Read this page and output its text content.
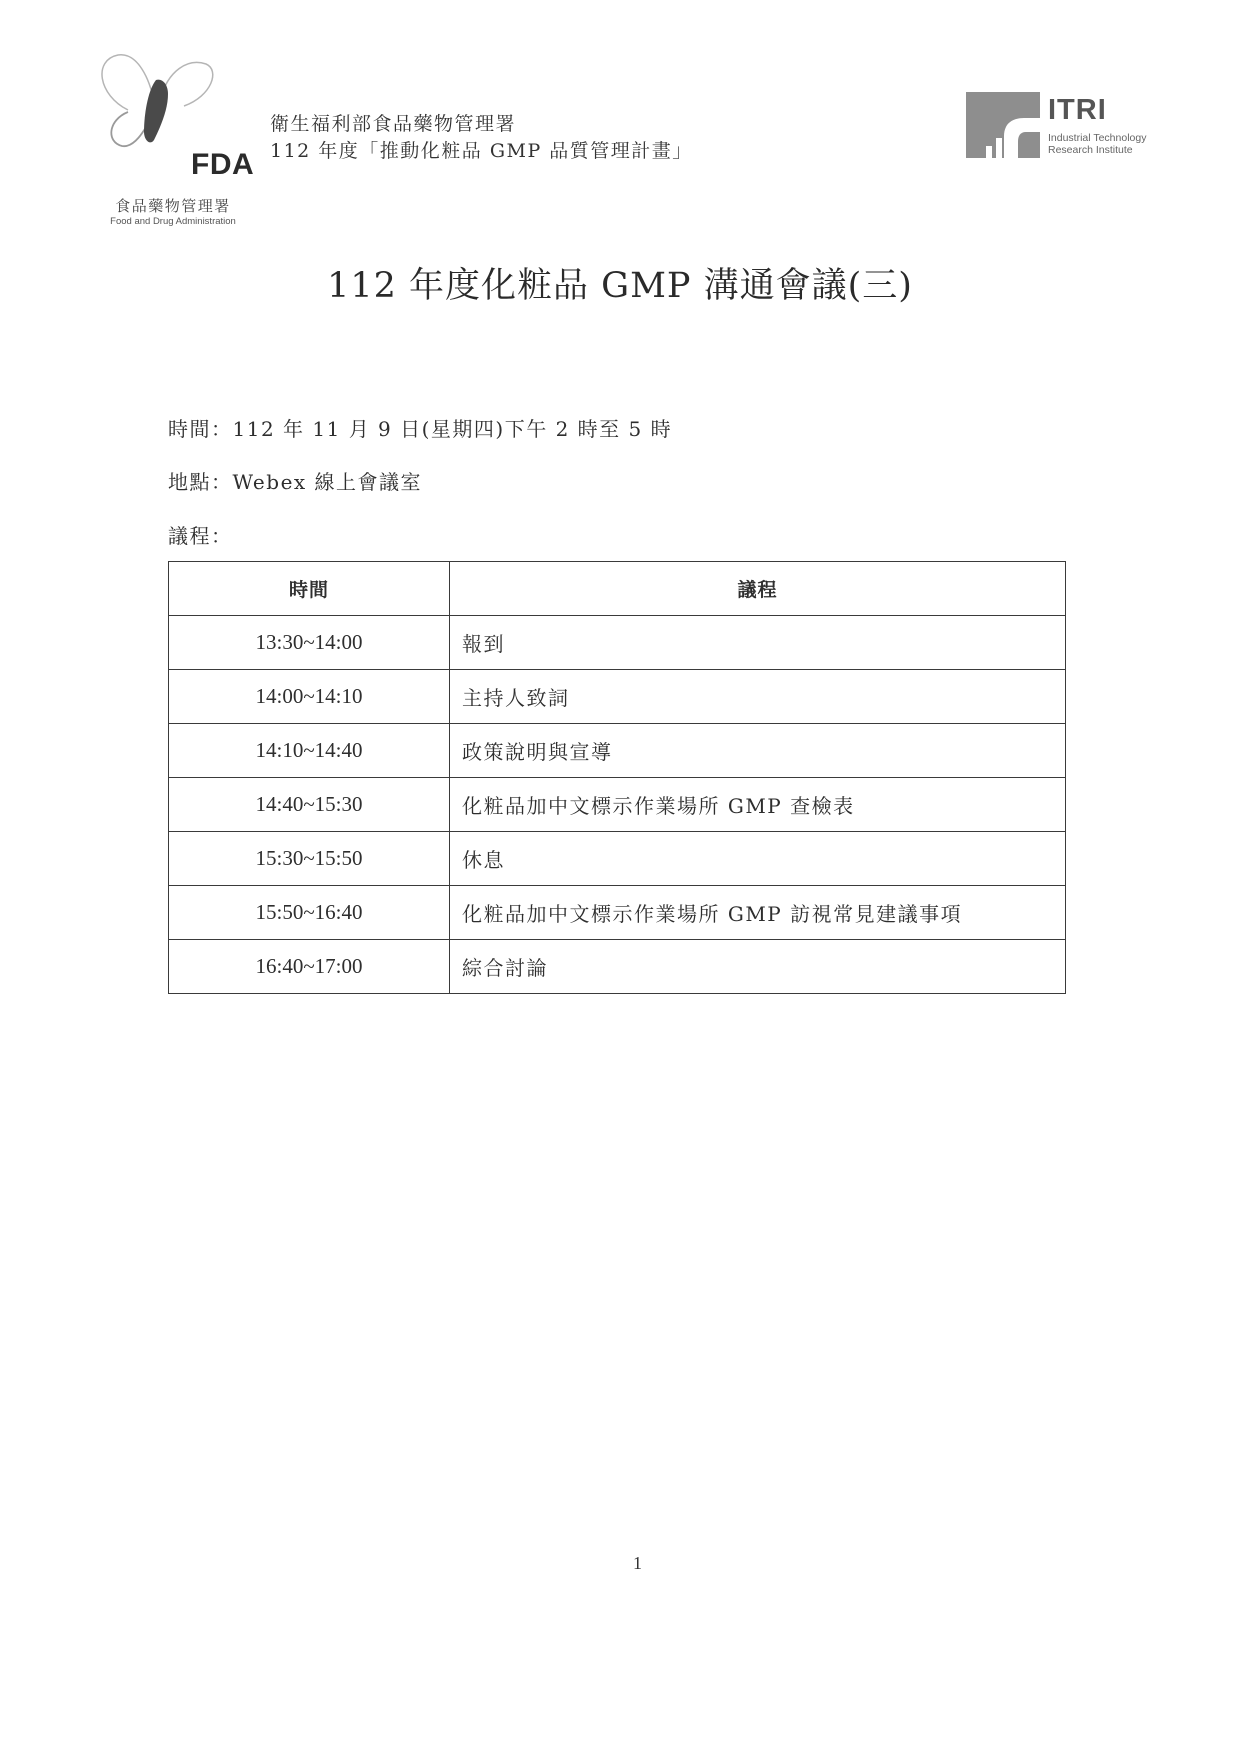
FDA
食品藥物管理署
Food and Drug Administration
衛生福利部食品藥物管理署
112 年度「推動化粧品 GMP 品質管理計畫」
ITRI
Industrial Technology
Research Institute
112 年度化粧品 GMP 溝通會議(三)
時間：112 年 11 月 9 日(星期四)下午 2 時至 5 時
地點：Webex 線上會議室
議程：
時間	議程
13:30~14:00	報到
14:00~14:10	主持人致詞
14:10~14:40	政策說明與宣導
14:40~15:30	化粧品加中文標示作業場所 GMP 查檢表
15:30~15:50	休息
15:50~16:40	化粧品加中文標示作業場所 GMP 訪視常見建議事項
16:40~17:00	綜合討論
1
